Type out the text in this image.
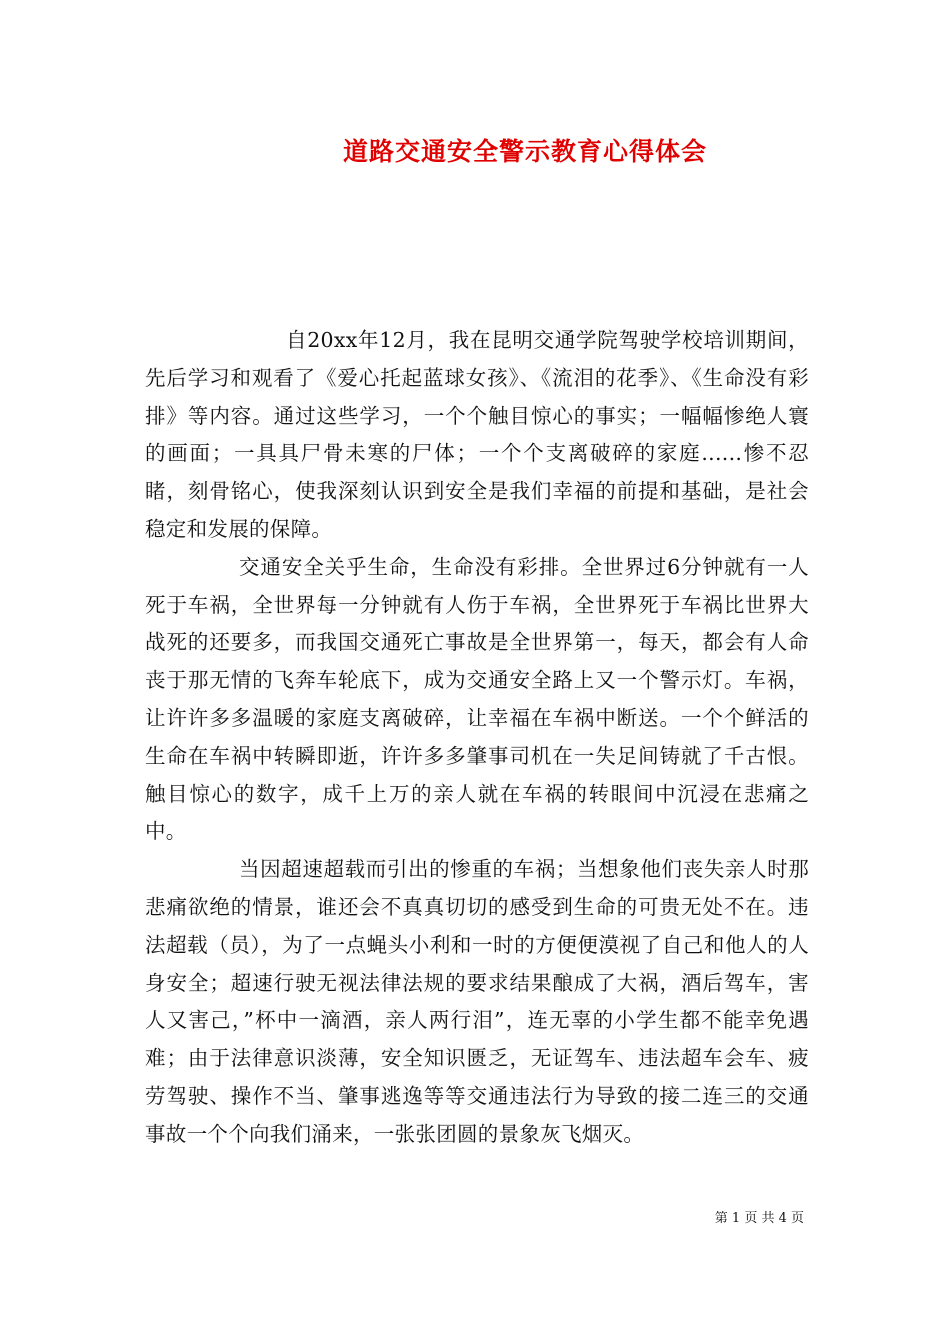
道路交通安全警示教育心得体会

自20xx年12月，我在昆明交通学院驾驶学校培训期间，先后学习和观看了《爱心托起蓝球女孩》、《流泪的花季》、《生命没有彩排》等内容。通过这些学习，一个个触目惊心的事实；一幅幅惨绝人寰的画面；一具具尸骨未寒的尸体；一个个支离破碎的家庭......惨不忍睹，刻骨铭心，使我深刻认识到安全是我们幸福的前提和基础，是社会稳定和发展的保障。

交通安全关乎生命，生命没有彩排。全世界过6分钟就有一人死于车祸，全世界每一分钟就有人伤于车祸，全世界死于车祸比世界大战死的还要多，而我国交通死亡事故是全世界第一，每天，都会有人命丧于那无情的飞奔车轮底下，成为交通安全路上又一个警示灯。车祸，让许许多多温暖的家庭支离破碎，让幸福在车祸中断送。一个个鲜活的生命在车祸中转瞬即逝，许许多多肇事司机在一失足间铸就了千古恨。触目惊心的数字，成千上万的亲人就在车祸的转眼间中沉浸在悲痛之中。

当因超速超载而引出的惨重的车祸；当想象他们丧失亲人时那悲痛欲绝的情景，谁还会不真真切切的感受到生命的可贵无处不在。违法超载（员），为了一点蝇头小利和一时的方便便漠视了自己和他人的人身安全；超速行驶无视法律法规的要求结果酿成了大祸，酒后驾车，害人又害己，”杯中一滴酒，亲人两行泪”，连无辜的小学生都不能幸免遇难；由于法律意识淡薄，安全知识匮乏，无证驾车、违法超车会车、疲劳驾驶、操作不当、肇事逃逸等等交通违法行为导致的接二连三的交通事故一个个向我们涌来，一张张团圆的景象灰飞烟灭。

第 1 页 共 4 页
